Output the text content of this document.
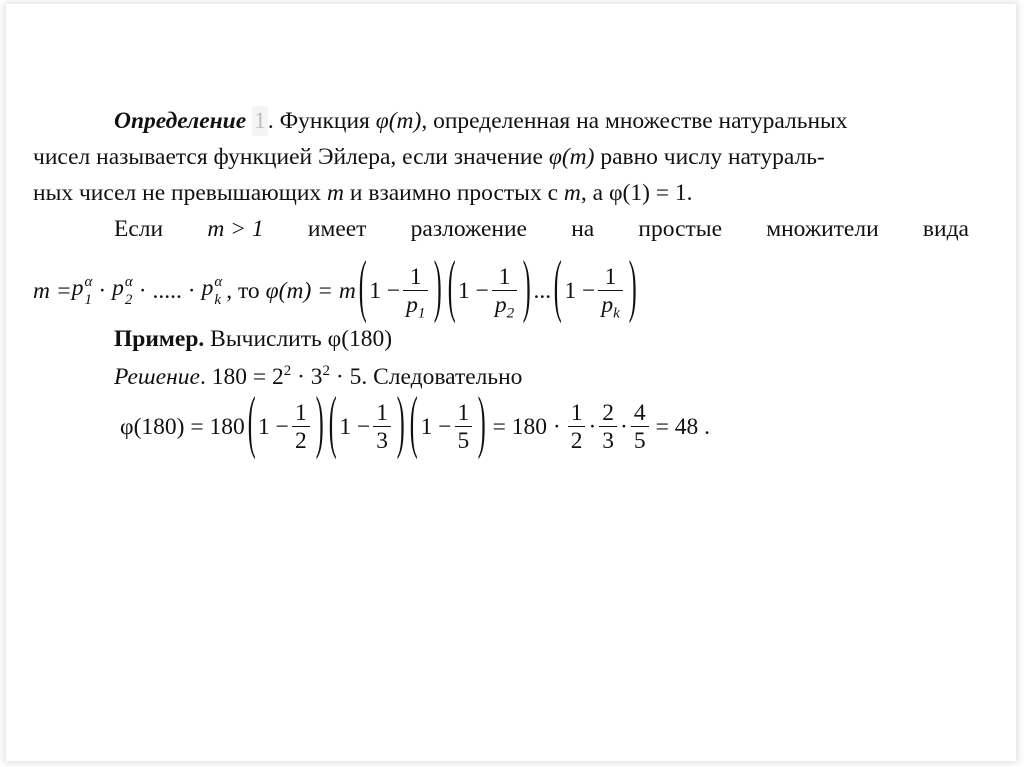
Определение 1. Функция φ(m), определенная на множестве натуральных
чисел называется функцией Эйлера, если значение φ(m) равно числу натураль-
ных чисел не превышающих m и взаимно простых с m, а φ(1) = 1.
Если m > 1 имеет разложение на простые множители вида
m = p α
1 · p α
2 · ..... · p α
k , то φ(m) = m ( $1 - \frac{1}{p_1}$ ) ( $1 - \frac{1}{p_2}$ ) ... ( $1 - \frac{1}{p_k}$ )
Пример. Вычислить φ(180)
Решение. $180 = 2^2 \cdot 3^2 \cdot 5$. Следовательно
φ(180) = 180 ( $1 - \frac{1}{2}$ ) ( $1 - \frac{1}{3}$ ) ( $1 - \frac{1}{5}$ ) = $180 \cdot \frac{1}{2} \cdot \frac{2}{3} \cdot \frac{4}{5} = 48$ .
